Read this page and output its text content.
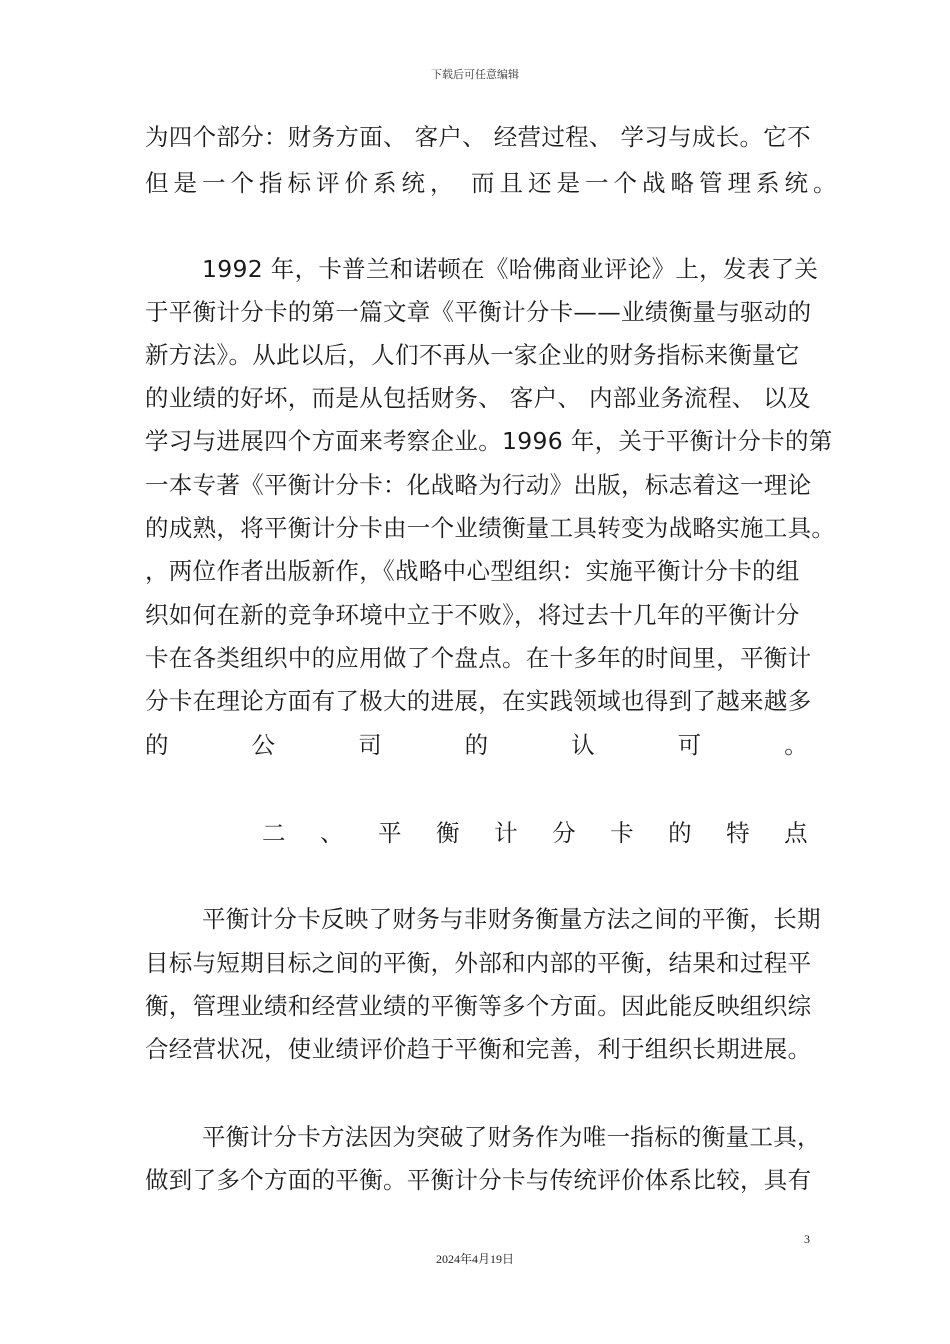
下载后可任意编辑
为四个部分：财务方面、 客户、 经营过程、 学习与成长。它不
但是一个指标评价系统， 而且还是一个战略管理系统。
1992 年，卡普兰和诺顿在《哈佛商业评论》上，发表了关
于平衡计分卡的第一篇文章《平衡计分卡——业绩衡量与驱动的
新方法》。从此以后，人们不再从一家企业的财务指标来衡量它
的业绩的好坏，而是从包括财务、 客户、 内部业务流程、 以及
学习与进展四个方面来考察企业。1996 年，关于平衡计分卡的第
一本专著《平衡计分卡：化战略为行动》出版，标志着这一理论
的成熟，将平衡计分卡由一个业绩衡量工具转变为战略实施工具。
，两位作者出版新作，《战略中心型组织：实施平衡计分卡的组
织如何在新的竞争环境中立于不败》，将过去十几年的平衡计分
卡在各类组织中的应用做了个盘点。在十多年的时间里，平衡计
分卡在理论方面有了极大的进展，在实践领域也得到了越来越多
的	公	司	的	认	可	。
二 、 平 衡 计 分 卡 的 特 点
平衡计分卡反映了财务与非财务衡量方法之间的平衡，长期
目标与短期目标之间的平衡，外部和内部的平衡，结果和过程平
衡，管理业绩和经营业绩的平衡等多个方面。因此能反映组织综
合经营状况，使业绩评价趋于平衡和完善，利于组织长期进展。
平衡计分卡方法因为突破了财务作为唯一指标的衡量工具，
做到了多个方面的平衡。平衡计分卡与传统评价体系比较，具有
3
2024年4月19日
